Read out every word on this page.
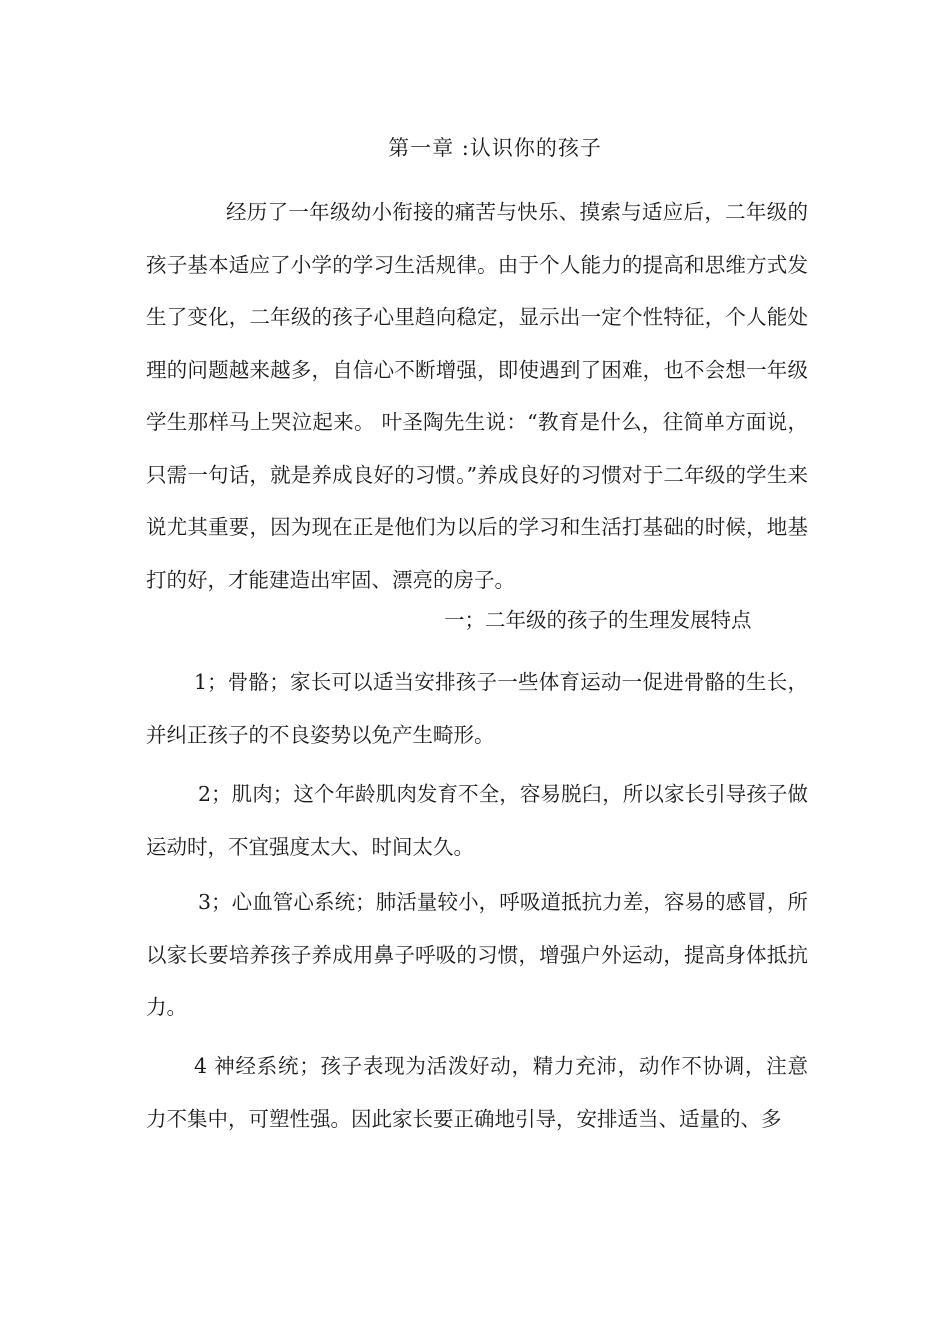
第一章 :认识你的孩子

经历了一年级幼小衔接的痛苦与快乐、摸索与适应后，二年级的孩子基本适应了小学的学习生活规律。由于个人能力的提高和思维方式发生了变化，二年级的孩子心里趋向稳定，显示出一定个性特征，个人能处理的问题越来越多，自信心不断增强，即使遇到了困难，也不会想一年级学生那样马上哭泣起来。 叶圣陶先生说：“教育是什么，往简单方面说，只需一句话，就是养成良好的习惯。”养成良好的习惯对于二年级的学生来说尤其重要，因为现在正是他们为以后的学习和生活打基础的时候，地基打的好，才能建造出牢固、漂亮的房子。

一；二年级的孩子的生理发展特点

1；骨骼；家长可以适当安排孩子一些体育运动一促进骨骼的生长，并纠正孩子的不良姿势以免产生畸形。

2；肌肉；这个年龄肌肉发育不全，容易脱臼，所以家长引导孩子做运动时，不宜强度太大、时间太久。

3；心血管心系统；肺活量较小，呼吸道抵抗力差，容易的感冒，所以家长要培养孩子养成用鼻子呼吸的习惯，增强户外运动，提高身体抵抗力。

4 神经系统；孩子表现为活泼好动，精力充沛，动作不协调，注意力不集中，可塑性强。因此家长要正确地引导，安排适当、适量的、多
